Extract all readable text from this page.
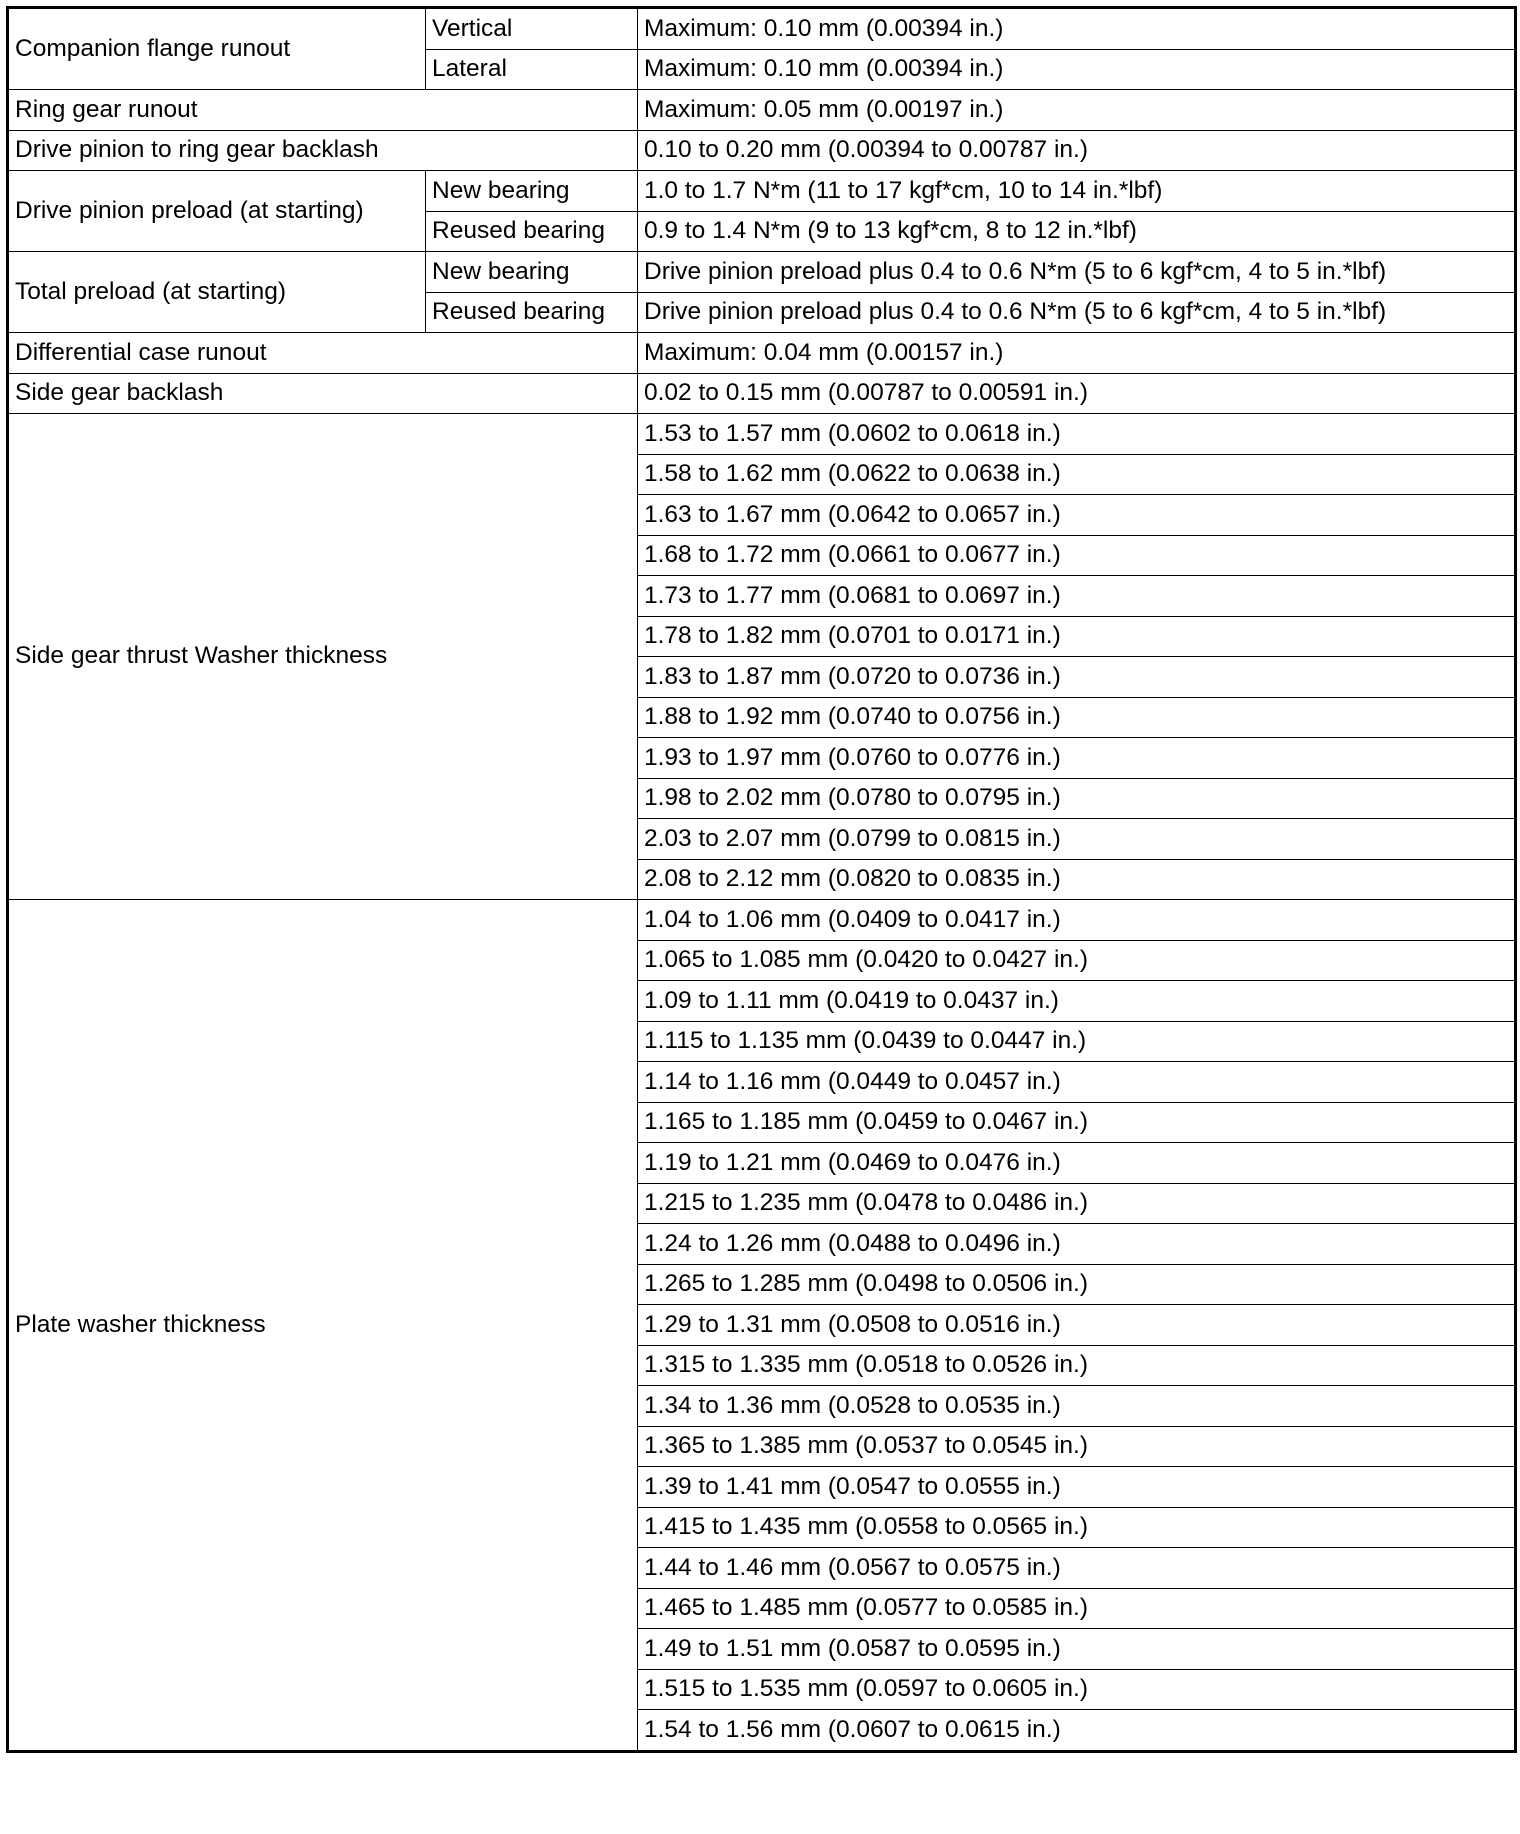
Companion flange runout	Vertical	Maximum: 0.10 mm (0.00394 in.)
	Lateral	Maximum: 0.10 mm (0.00394 in.)
Ring gear runout		Maximum: 0.05 mm (0.00197 in.)
Drive pinion to ring gear backlash		0.10 to 0.20 mm (0.00394 to 0.00787 in.)
Drive pinion preload (at starting)	New bearing	1.0 to 1.7 N*m (11 to 17 kgf*cm, 10 to 14 in.*lbf)
	Reused bearing	0.9 to 1.4 N*m (9 to 13 kgf*cm, 8 to 12 in.*lbf)
Total preload (at starting)	New bearing	Drive pinion preload plus 0.4 to 0.6 N*m (5 to 6 kgf*cm, 4 to 5 in.*lbf)
	Reused bearing	Drive pinion preload plus 0.4 to 0.6 N*m (5 to 6 kgf*cm, 4 to 5 in.*lbf)
Differential case runout		Maximum: 0.04 mm (0.00157 in.)
Side gear backlash		0.02 to 0.15 mm (0.00787 to 0.00591 in.)
Side gear thrust Washer thickness		1.53 to 1.57 mm (0.0602 to 0.0618 in.)
		1.58 to 1.62 mm (0.0622 to 0.0638 in.)
		1.63 to 1.67 mm (0.0642 to 0.0657 in.)
		1.68 to 1.72 mm (0.0661 to 0.0677 in.)
		1.73 to 1.77 mm (0.0681 to 0.0697 in.)
		1.78 to 1.82 mm (0.0701 to 0.0171 in.)
		1.83 to 1.87 mm (0.0720 to 0.0736 in.)
		1.88 to 1.92 mm (0.0740 to 0.0756 in.)
		1.93 to 1.97 mm (0.0760 to 0.0776 in.)
		1.98 to 2.02 mm (0.0780 to 0.0795 in.)
		2.03 to 2.07 mm (0.0799 to 0.0815 in.)
		2.08 to 2.12 mm (0.0820 to 0.0835 in.)
Plate washer thickness		1.04 to 1.06 mm (0.0409 to 0.0417 in.)
		1.065 to 1.085 mm (0.0420 to 0.0427 in.)
		1.09 to 1.11 mm (0.0419 to 0.0437 in.)
		1.115 to 1.135 mm (0.0439 to 0.0447 in.)
		1.14 to 1.16 mm (0.0449 to 0.0457 in.)
		1.165 to 1.185 mm (0.0459 to 0.0467 in.)
		1.19 to 1.21 mm (0.0469 to 0.0476 in.)
		1.215 to 1.235 mm (0.0478 to 0.0486 in.)
		1.24 to 1.26 mm (0.0488 to 0.0496 in.)
		1.265 to 1.285 mm (0.0498 to 0.0506 in.)
		1.29 to 1.31 mm (0.0508 to 0.0516 in.)
		1.315 to 1.335 mm (0.0518 to 0.0526 in.)
		1.34 to 1.36 mm (0.0528 to 0.0535 in.)
		1.365 to 1.385 mm (0.0537 to 0.0545 in.)
		1.39 to 1.41 mm (0.0547 to 0.0555 in.)
		1.415 to 1.435 mm (0.0558 to 0.0565 in.)
		1.44 to 1.46 mm (0.0567 to 0.0575 in.)
		1.465 to 1.485 mm (0.0577 to 0.0585 in.)
		1.49 to 1.51 mm (0.0587 to 0.0595 in.)
		1.515 to 1.535 mm (0.0597 to 0.0605 in.)
		1.54 to 1.56 mm (0.0607 to 0.0615 in.)
